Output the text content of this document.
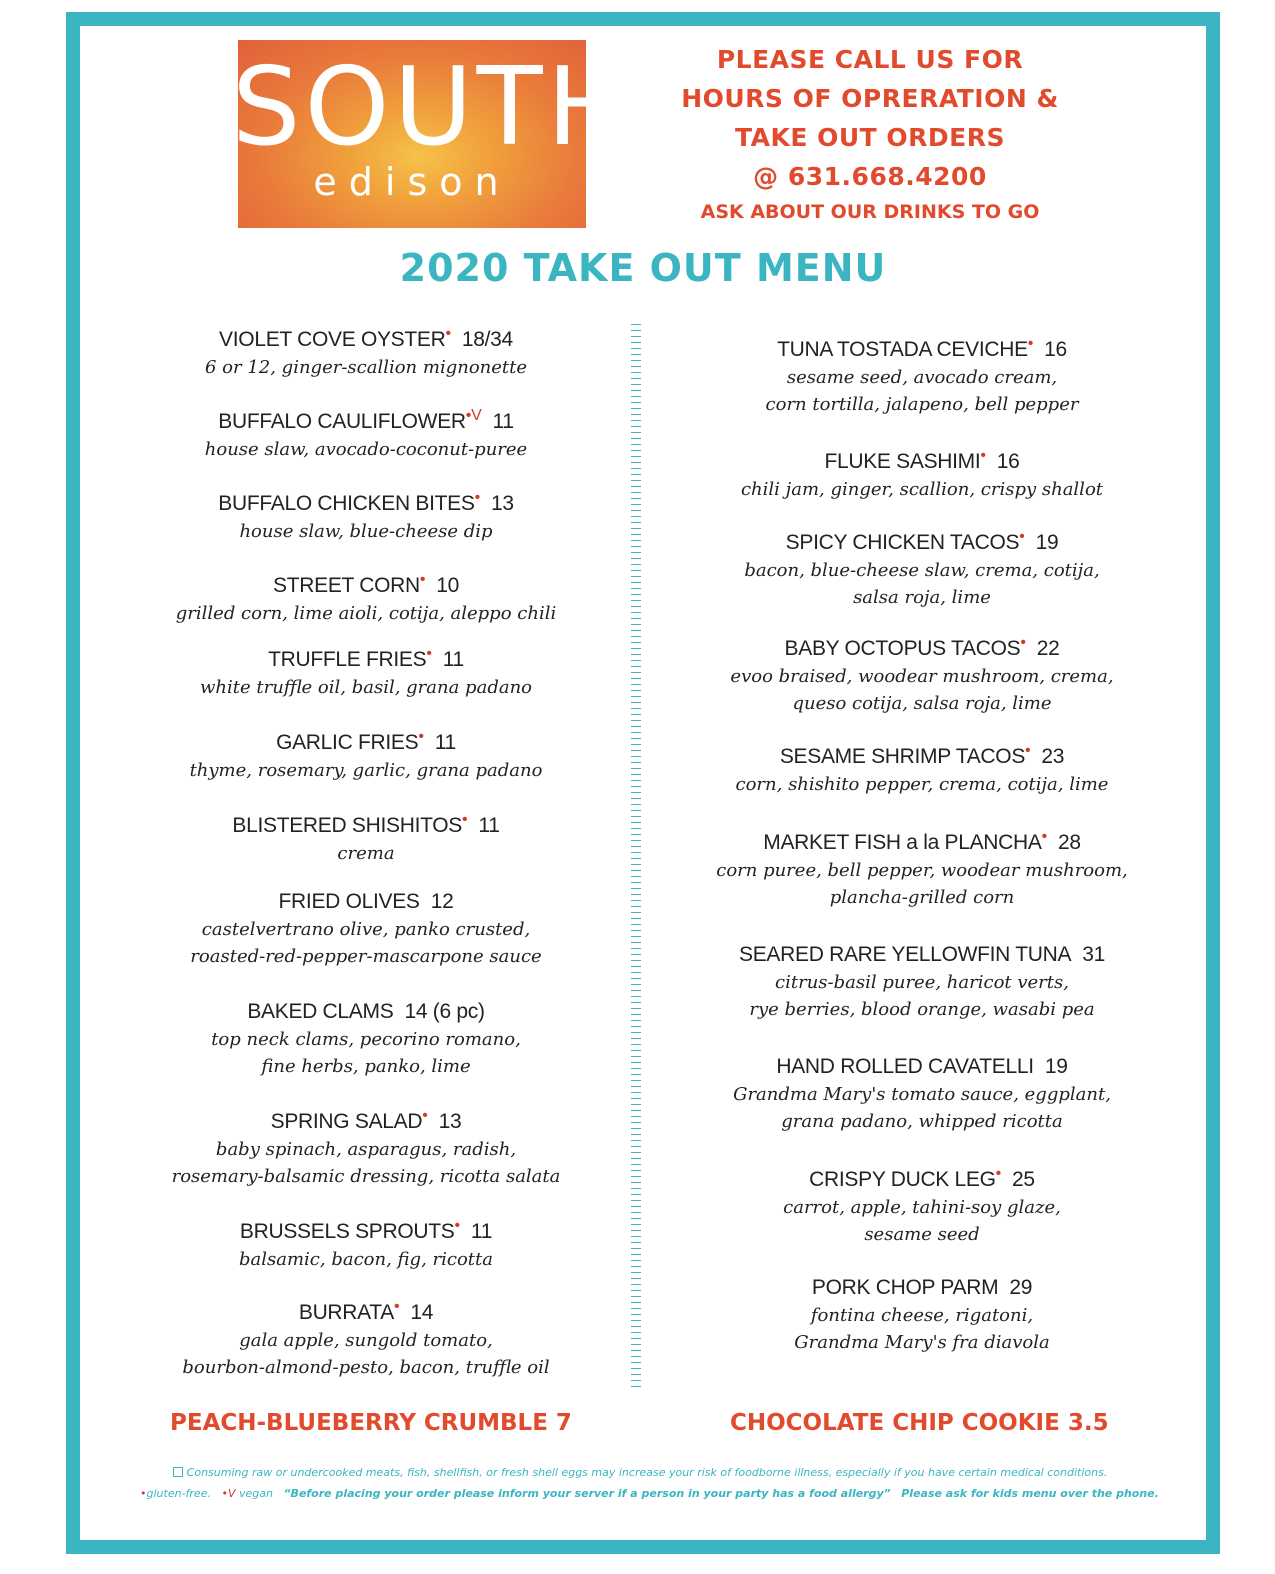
SOUTH
edison
PLEASE CALL US FOR
HOURS OF OPRERATION &
TAKE OUT ORDERS
@ 631.668.4200
ASK ABOUT OUR DRINKS TO GO
2020 TAKE OUT MENU
VIOLET COVE OYSTER•  18/34
6 or 12, ginger-scallion mignonette
BUFFALO $CAULIFLOWER^{•V}$  11
house slaw, avocado-coconut-puree
BUFFALO CHICKEN BITES•  13
house slaw, blue-cheese dip
STREET CORN•  10
grilled corn, lime aioli, cotija, aleppo chili
TRUFFLE FRIES•  11
white truffle oil, basil, grana padano
GARLIC FRIES•  11
thyme, rosemary, garlic, grana padano
BLISTERED SHISHITOS•  11
crema
FRIED OLIVES  12
castelvertrano olive, panko crusted,
roasted-red-pepper-mascarpone sauce
BAKED CLAMS  14 (6 pc)
top neck clams, pecorino romano,
fine herbs, panko, lime
SPRING SALAD•  13
baby spinach, asparagus, radish,
rosemary-balsamic dressing, ricotta salata
BRUSSELS SPROUTS•  11
balsamic, bacon, fig, ricotta
BURRATA•  14
gala apple, sungold tomato,
bourbon-almond-pesto, bacon, truffle oil
TUNA TOSTADA CEVICHE•  16
sesame seed, avocado cream,
corn tortilla, jalapeno, bell pepper
FLUKE SASHIMI•  16
chili jam, ginger, scallion, crispy shallot
SPICY CHICKEN TACOS•  19
bacon, blue-cheese slaw, crema, cotija,
salsa roja, lime
BABY OCTOPUS TACOS•  22
evoo braised, woodear mushroom, crema,
queso cotija, salsa roja, lime
SESAME SHRIMP TACOS•  23
corn, shishito pepper, crema, cotija, lime
MARKET FISH a la PLANCHA•  28
corn puree, bell pepper, woodear mushroom,
plancha-grilled corn
SEARED RARE YELLOWFIN TUNA  31
citrus-basil puree, haricot verts,
rye berries, blood orange, wasabi pea
HAND ROLLED CAVATELLI  19
Grandma Mary's tomato sauce, eggplant,
grana padano, whipped ricotta
CRISPY DUCK LEG•  25
carrot, apple, tahini-soy glaze,
sesame seed
PORK CHOP PARM  29
fontina cheese, rigatoni,
Grandma Mary's fra diavola
PEACH-BLUEBERRY CRUMBLE 7	CHOCOLATE CHIP COOKIE 3.5
Consuming raw or undercooked meats, fish, shellfish, or fresh shell eggs may increase your risk of foodborne illness, especially if you have certain medical conditions.
•gluten-free. •V vegan “Before placing your order please inform your server if a person in your party has a food allergy” Please ask for kids menu over the phone.
